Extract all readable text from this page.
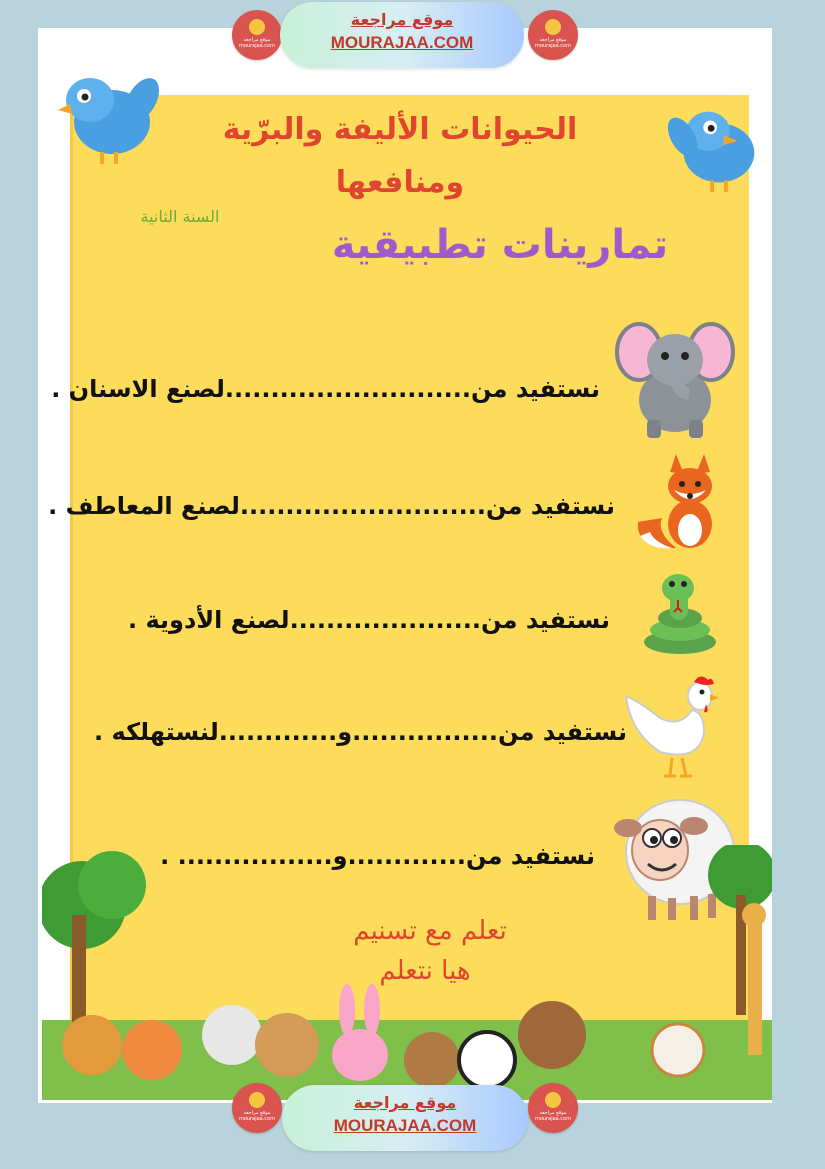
موقع مراجعة mourajaa.com
موقع مراجعة
MOURAJAA.COM	موقع مراجعة mourajaa.com
الحيوانات الأليفة والبرّية
ومنافعها
السنة الثانية
تمارينات تطبيقية
نستفيد من...........................لصنع الاسنان .
نستفيد من...........................لصنع المعاطف .
نستفيد من.....................لصنع الأدوية .
نستفيد من................و.............لنستهلكه .
نستفيد من.............و................. .
تعلم مع تسنيم
هيا نتعلم
موقع مراجعة mourajaa.com
موقع مراجعة
MOURAJAA.COM
موقع مراجعة mourajaa.com
